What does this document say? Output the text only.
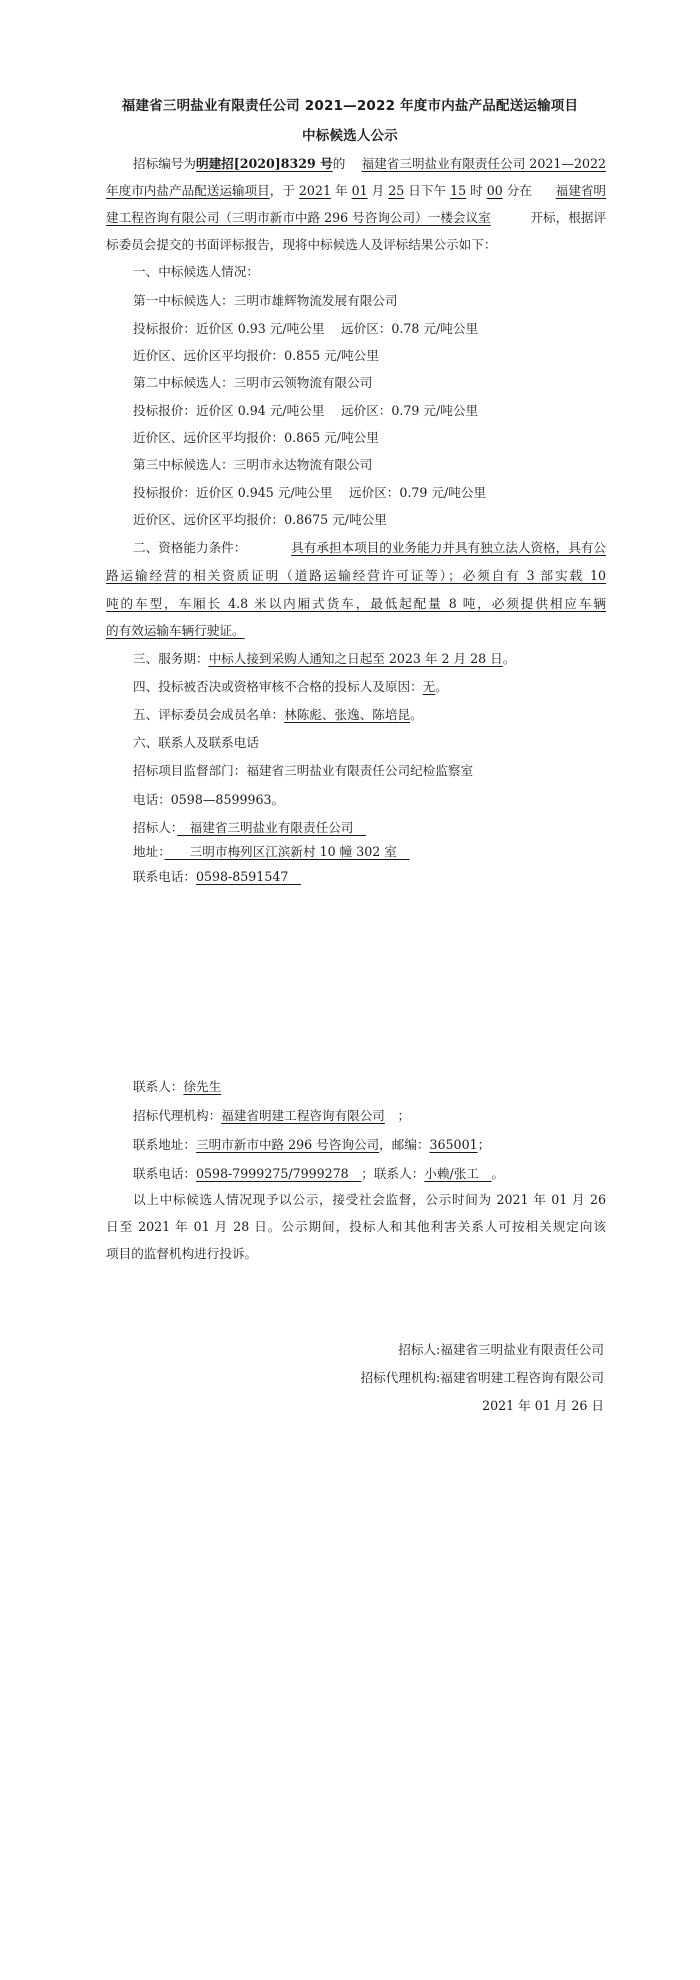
福建省三明盐业有限责任公司 2021—2022 年度市内盐产品配送运输项目
中标候选人公示
招标编号为明建招[2020]8329 号的 福建省三明盐业有限责任公司 2021—2022
年度市内盐产品配送运输项目，于 2021 年 01 月 25 日下午 15 时 00 分在 福建省明
建工程咨询有限公司（三明市新市中路 296 号咨询公司）一楼会议室	开标，根据评
标委员会提交的书面评标报告，现将中标候选人及评标结果公示如下：
一、中标候选人情况：
第一中标候选人：三明市雄辉物流发展有限公司
投标报价：近价区 0.93 元/吨公里　 远价区：0.78 元/吨公里
近价区、远价区平均报价：0.855 元/吨公里
第二中标候选人：三明市云领物流有限公司
投标报价：近价区 0.94 元/吨公里　 远价区：0.79 元/吨公里
近价区、远价区平均报价：0.865 元/吨公里
第三中标候选人：三明市永达物流有限公司
投标报价：近价区 0.945 元/吨公里　 远价区：0.79 元/吨公里
近价区、远价区平均报价：0.8675 元/吨公里
二、资格能力条件：	具有承担本项目的业务能力并具有独立法人资格，具有公
路运输经营的相关资质证明（道路运输经营许可证等）；必须自有 3 部实载 10
吨的车型，车厢长 4.8 米以内厢式货车，最低起配量 8 吨，必须提供相应车辆
的有效运输车辆行驶证。
三、服务期：中标人接到采购人通知之日起至 2023 年 2 月 28 日。
四、投标被否决或资格审核不合格的投标人及原因：无。
五、评标委员会成员名单：林陈彪、张逸、陈培昆。
六、联系人及联系电话
招标项目监督部门：福建省三明盐业有限责任公司纪检监察室
电话：0598—8599963。
招标人：　福建省三明盐业有限责任公司　
地址：　　三明市梅列区江滨新村 10 幢 302 室　
联系电话：0598-8591547　
联系人：徐先生
招标代理机构：福建省明建工程咨询有限公司　；
联系地址：三明市新市中路 296 号咨询公司，邮编：365001；
联系电话：0598-7999275/7999278　；联系人：小赖/张工　。
以上中标候选人情况现予以公示，接受社会监督，公示时间为 2021 年 01 月 26
日至 2021 年 01 月 28 日。公示期间，投标人和其他利害关系人可按相关规定向该
项目的监督机构进行投诉。
招标人:福建省三明盐业有限责任公司
招标代理机构:福建省明建工程咨询有限公司
2021 年 01 月 26 日
